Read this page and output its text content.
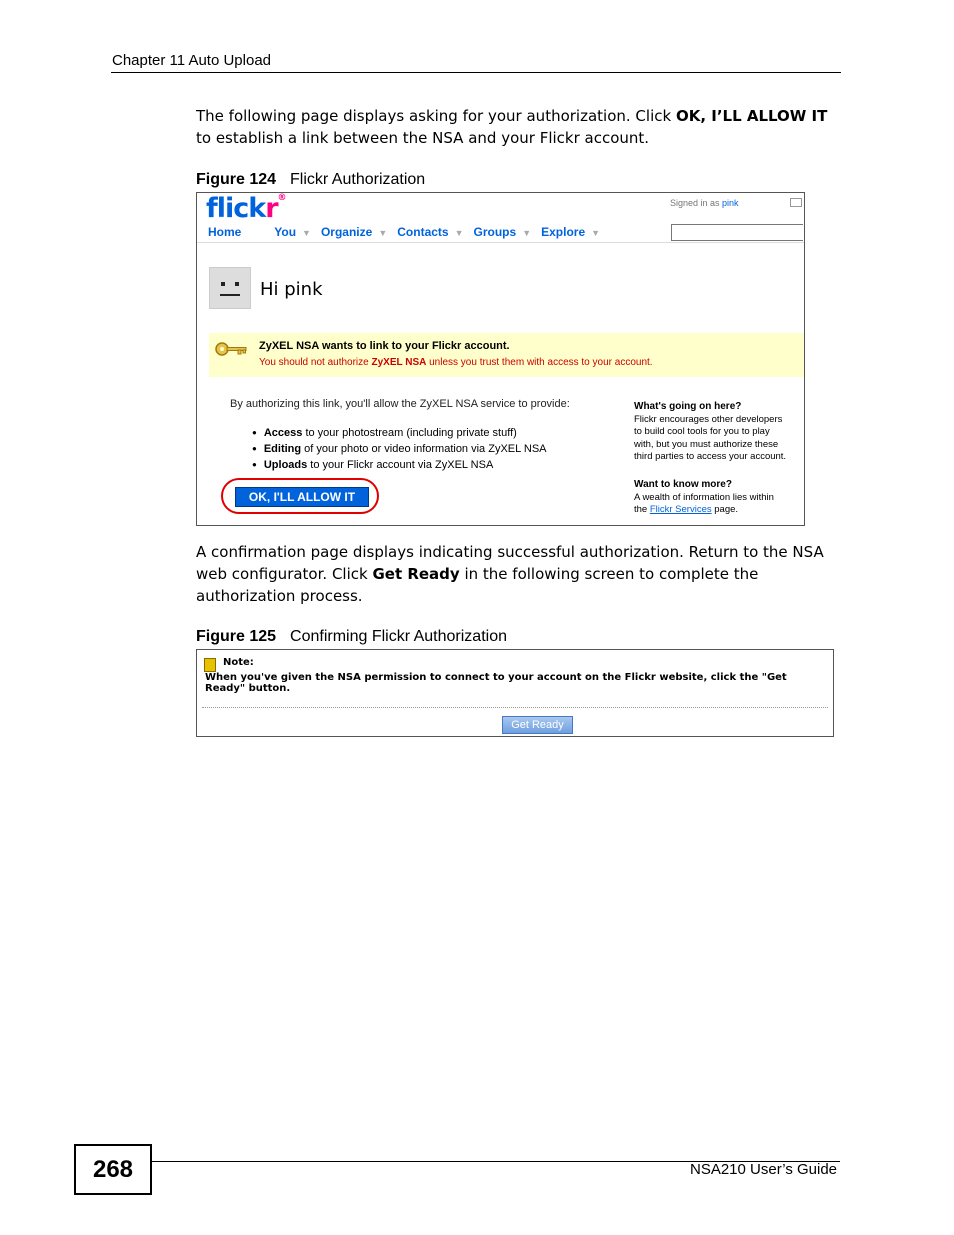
Chapter 11 Auto Upload
The following page displays asking for your authorization. Click OK, I’LL ALLOW IT to establish a link between the NSA and your Flickr account.
Figure 124 Flickr Authorization
flickr®	Signed in as pink
Home	You ▼ Organize ▼ Contacts ▼ Groups ▼ Explore ▼
Hi pink
ZyXEL NSA wants to link to your Flickr account.
You should not authorize ZyXEL NSA unless you trust them with access to your account.
By authorizing this link, you'll allow the ZyXEL NSA service to provide:
● Access to your photostream (including private stuff)
● Editing of your photo or video information via ZyXEL NSA
● Uploads to your Flickr account via ZyXEL NSA
OK, I'LL ALLOW IT
What's going on here?
Flickr encourages other developers
to build cool tools for you to play
with, but you must authorize these
third parties to access your account.
Want to know more?
A wealth of information lies within
the Flickr Services page.
A confirmation page displays indicating successful authorization. Return to the NSA web configurator. Click Get Ready in the following screen to complete the authorization process.
Figure 125 Confirming Flickr Authorization
Note:
When you've given the NSA permission to connect to your account on the Flickr website, click the "Get Ready" button.
Get Ready
268	NSA210 User’s Guide
